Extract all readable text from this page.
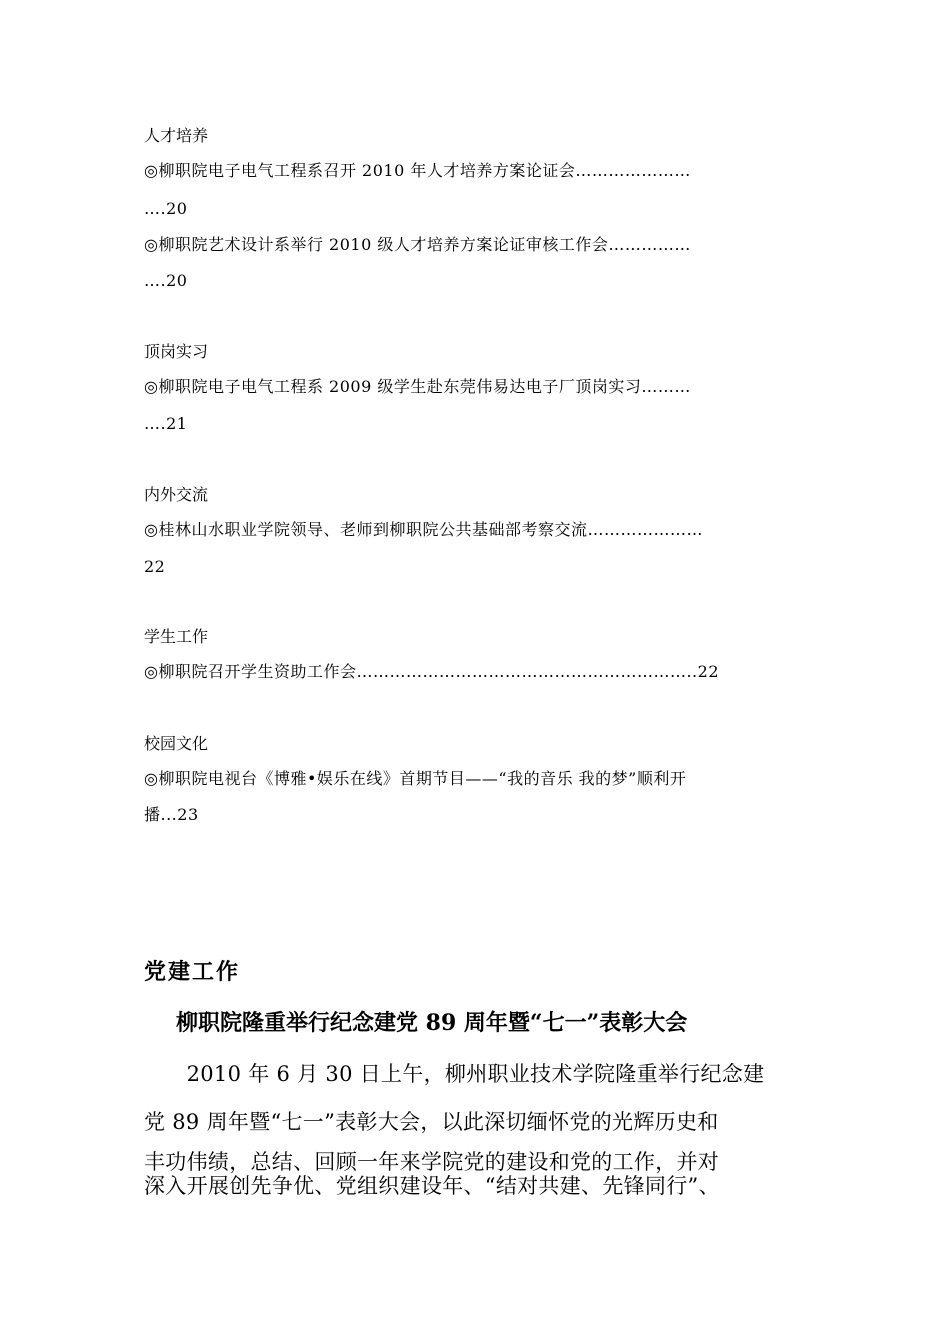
人才培养
◎柳职院电子电气工程系召开 2010 年人才培养方案论证会…………………
….20
◎柳职院艺术设计系举行 2010 级人才培养方案论证审核工作会……………
….20
顶岗实习
◎柳职院电子电气工程系 2009 级学生赴东莞伟易达电子厂顶岗实习………
….21
内外交流
◎桂林山水职业学院领导、老师到柳职院公共基础部考察交流…………………
22
学生工作
◎柳职院召开学生资助工作会……………………………………………………..22
校园文化
◎柳职院电视台《博雅•娱乐在线》首期节目——“我的音乐 我的梦”顺利开
播...23
党建工作
柳职院隆重举行纪念建党 89 周年暨“七一”表彰大会
　　2010 年 6 月 30 日上午，柳州职业技术学院隆重举行纪念建
党 89 周年暨“七一”表彰大会，以此深切缅怀党的光辉历史和
丰功伟绩，总结、回顾一年来学院党的建设和党的工作，并对
深入开展创先争优、党组织建设年、“结对共建、先锋同行”、
